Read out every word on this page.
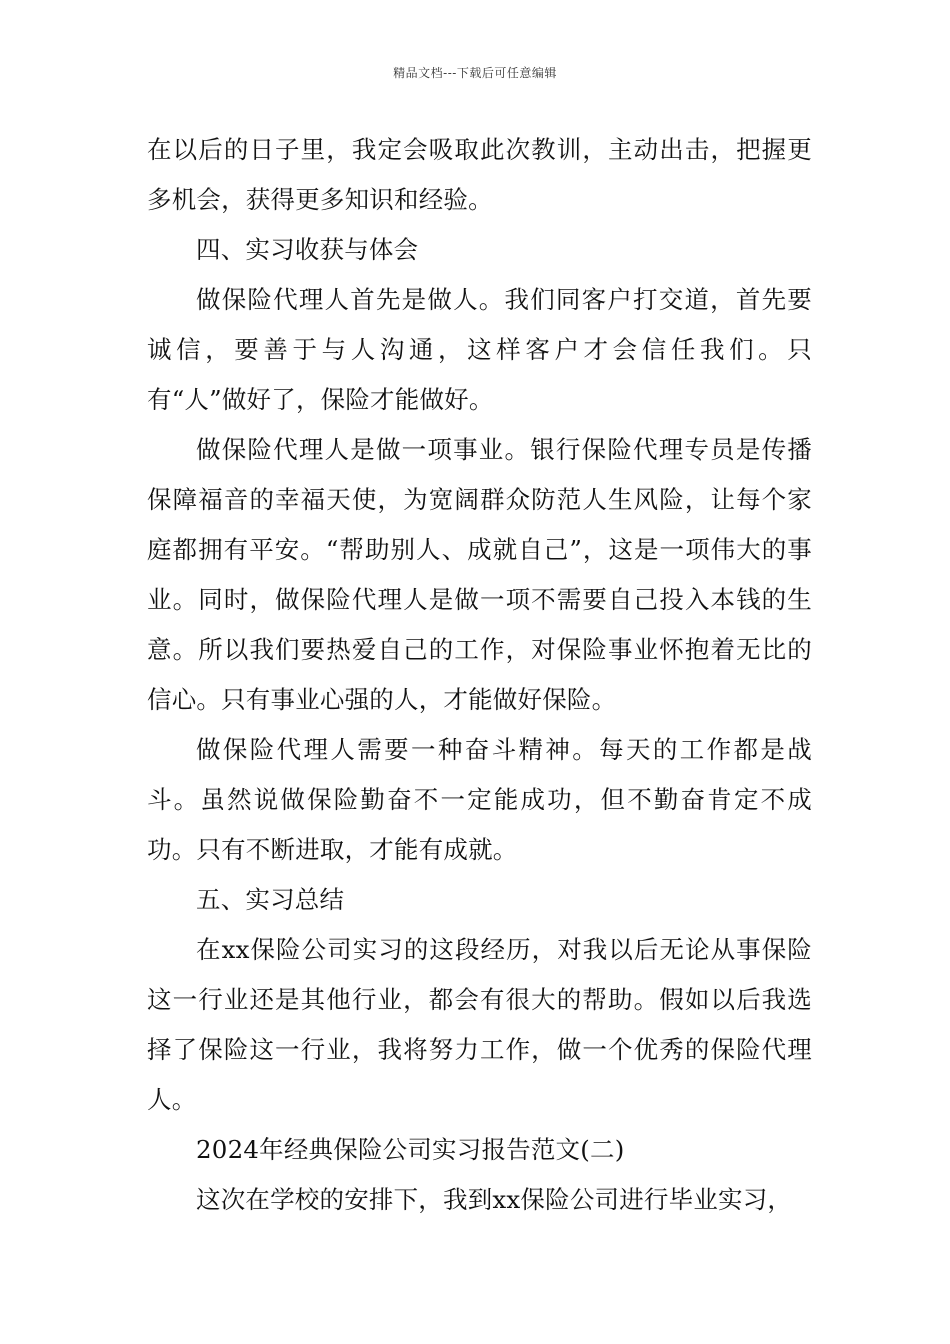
精品文档---下载后可任意编辑

在以后的日子里，我定会吸取此次教训，主动出击，把握更多机会，获得更多知识和经验。

四、实习收获与体会

做保险代理人首先是做人。我们同客户打交道，首先要诚信，要善于与人沟通，这样客户才会信任我们。只有“人”做好了，保险才能做好。

做保险代理人是做一项事业。银行保险代理专员是传播保障福音的幸福天使，为宽阔群众防范人生风险，让每个家庭都拥有平安。“帮助别人、成就自己”，这是一项伟大的事业。同时，做保险代理人是做一项不需要自己投入本钱的生意。所以我们要热爱自己的工作，对保险事业怀抱着无比的信心。只有事业心强的人，才能做好保险。

做保险代理人需要一种奋斗精神。每天的工作都是战斗。虽然说做保险勤奋不一定能成功，但不勤奋肯定不成功。只有不断进取，才能有成就。

五、实习总结

在xx保险公司实习的这段经历，对我以后无论从事保险这一行业还是其他行业，都会有很大的帮助。假如以后我选择了保险这一行业，我将努力工作，做一个优秀的保险代理人。

2024年经典保险公司实习报告范文(二)

这次在学校的安排下，我到xx保险公司进行毕业实习，
